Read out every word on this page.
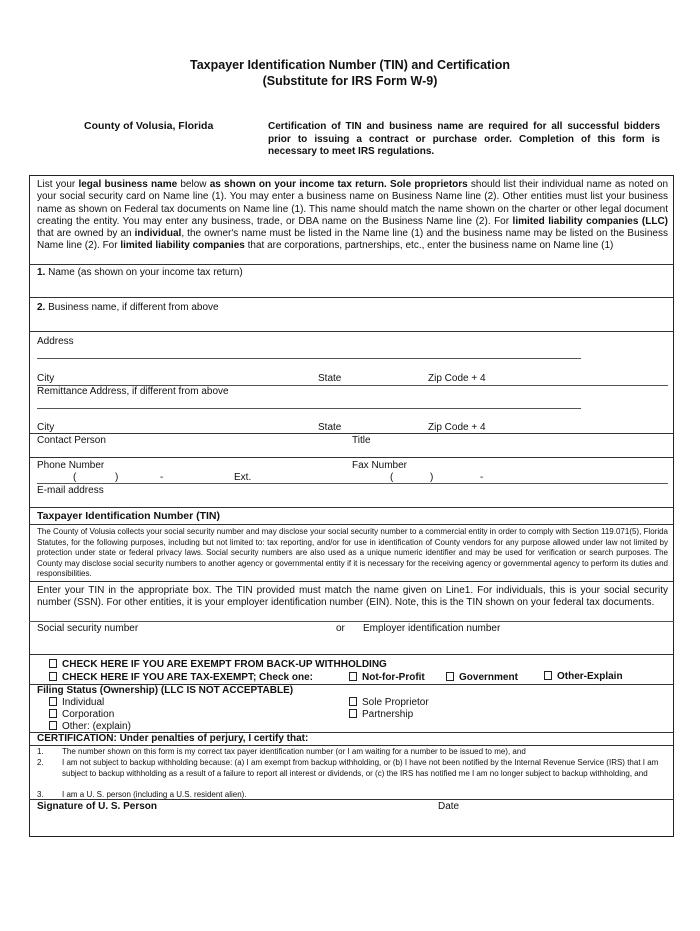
Taxpayer Identification Number (TIN) and Certification
(Substitute for IRS Form W-9)
County of Volusia, Florida	Certification of TIN and business name are required for all successful bidders prior to issuing a contract or purchase order. Completion of this form is necessary to meet IRS regulations.
List your legal business name below as shown on your income tax return. Sole proprietors should list their individual name as noted on your social security card on Name line (1). You may enter a business name on Business Name line (2). Other entities must list your business name as shown on Federal tax documents on Name line (1). This name should match the name shown on the charter or other legal document creating the entity. You may enter any business, trade, or DBA name on the Business Name line (2). For limited liability companies (LLC) that are owned by an individual, the owner's name must be listed in the Name line (1) and the business name may be listed on the Business Name line (2). For limited liability companies that are corporations, partnerships, etc., enter the business name on Name line (1)
1. Name (as shown on your income tax return)
2. Business name, if different from above
Address
City	State	Zip Code + 4
Remittance Address, if different from above
City	State	Zip Code + 4
Contact Person	Title
Phone Number	Fax Number
(	)	-	Ext.	(	)	-
E-mail address
Taxpayer Identification Number (TIN)
The County of Volusia collects your social security number and may disclose your social security number to a commercial entity in order to comply with Section 119.071(5), Florida Statutes, for the following purposes, including but not limited to: tax reporting, and/or for use in identification of County vendors for any purpose allowed under law not limited by protection under state or federal privacy laws. Social security numbers are also used as a unique numeric identifier and may be used for verification or search purposes. The County may disclose social security numbers to another agency or governmental entity if it is necessary for the receiving agency or governmental agency to perform its duties and responsibilities.
Enter your TIN in the appropriate box. The TIN provided must match the name given on Line1. For individuals, this is your social security number (SSN). For other entities, it is your employer identification number (EIN). Note, this is the TIN shown on your federal tax documents.
Social security number	or Employer identification number
CHECK HERE IF YOU ARE EXEMPT FROM BACK-UP WITHHOLDING
CHECK HERE IF YOU ARE TAX-EXEMPT; Check one:	Not-for-Profit	Government	Other-Explain
Filing Status (Ownership) (LLC IS NOT ACCEPTABLE)
Individual	Sole Proprietor
Corporation	Partnership
Other: (explain)
CERTIFICATION: Under penalties of perjury, I certify that:
1. The number shown on this form is my correct tax payer identification number (or I am waiting for a number to be issued to me), and
2. I am not subject to backup withholding because: (a) I am exempt from backup withholding, or (b) I have not been notified by the Internal Revenue Service (IRS) that I am subject to backup withholding as a result of a failure to report all interest or dividends, or (c) the IRS has notified me I am no longer subject to backup withholding, and
3. I am a U. S. person (including a U.S. resident alien).
Signature of U. S. Person	Date
